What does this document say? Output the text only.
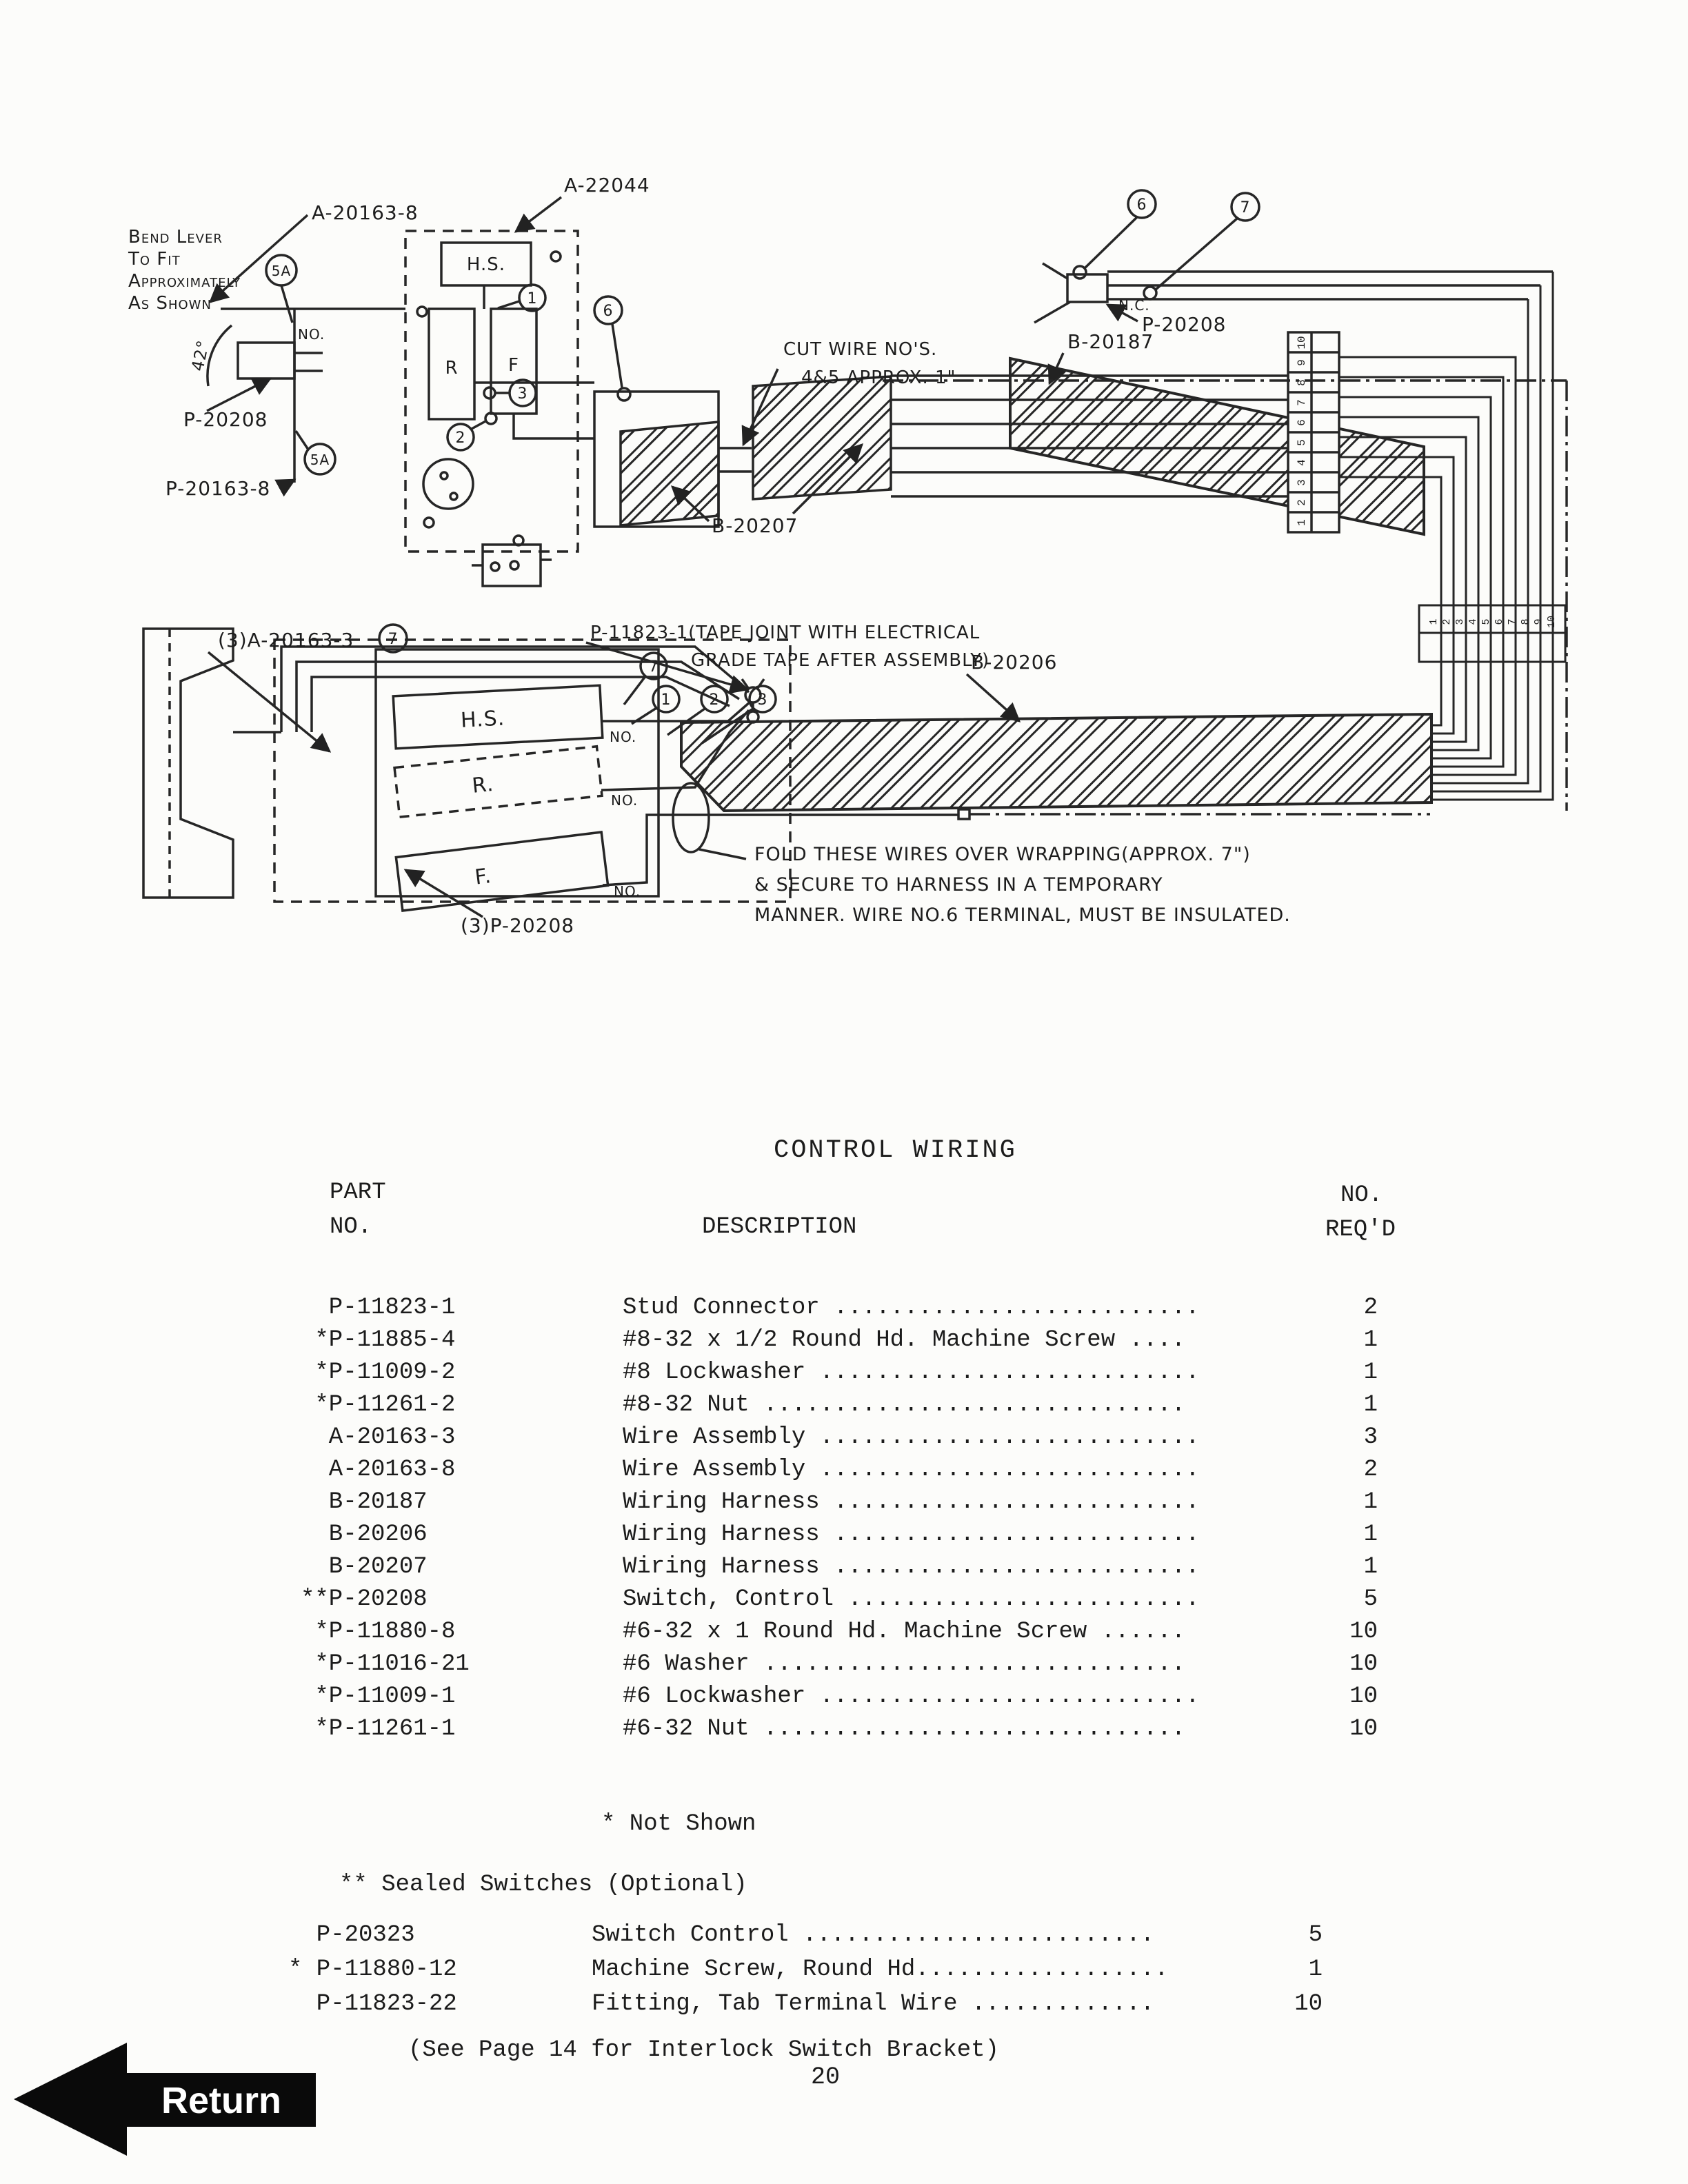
Bend Lever
To Fit
Approximately
As Shown
A-20163-8
NO.
5A
5A
P-20208
P-20163-8
42°
A-22044
H.S.
R	F
1
2
3
6
CUT WIRE NO'S.
4&5 APPROX. 1"
B-20207
10
9
8
7
6
5
4
3
2
1
6	7
N.C.
P-20208
B-20187
1 2 3 4 5 6 7 8 9 10
H.S.
NO.
R.
NO.
F.
NO.
7
1	2	3
(3)A-20163-3 7	P-11823-1(TAPE JOINT WITH ELECTRICAL
GRADE TAPE AFTER ASSEMBLY)
B-20206
FOLD THESE WIRES OVER WRAPPING(APPROX. 7")
& SECURE TO HARNESS IN A TEMPORARY
MANNER. WIRE NO.6 TERMINAL, MUST BE INSULATED.
(3)P-20208
CONTROL WIRING
PART
NO.	DESCRIPTION
NO.
REQ'D
P-11823-1	Stud Connector ..........................	2
*P-11885-4	#8-32 x 1/2 Round Hd. Machine Screw ....	1
*P-11009-2	#8 Lockwasher ...........................	1
*P-11261-2	#8-32 Nut ..............................	1
A-20163-3	Wire Assembly ...........................	3
A-20163-8	Wire Assembly ...........................	2
B-20187	Wiring Harness ..........................	1
B-20206	Wiring Harness ..........................	1
B-20207	Wiring Harness ..........................	1
**P-20208	Switch, Control .........................	5
*P-11880-8	#6-32 x 1 Round Hd. Machine Screw ......	10
*P-11016-21	#6 Washer ..............................	10
*P-11009-1	#6 Lockwasher ...........................	10
*P-11261-1	#6-32 Nut ..............................	10
* Not Shown
** Sealed Switches (Optional)
P-20323	Switch Control .........................	5
* P-11880-12	Machine Screw, Round Hd..................	1
P-11823-22	Fitting, Tab Terminal Wire .............	10
(See Page 14 for Interlock Switch Bracket)
20
Return
